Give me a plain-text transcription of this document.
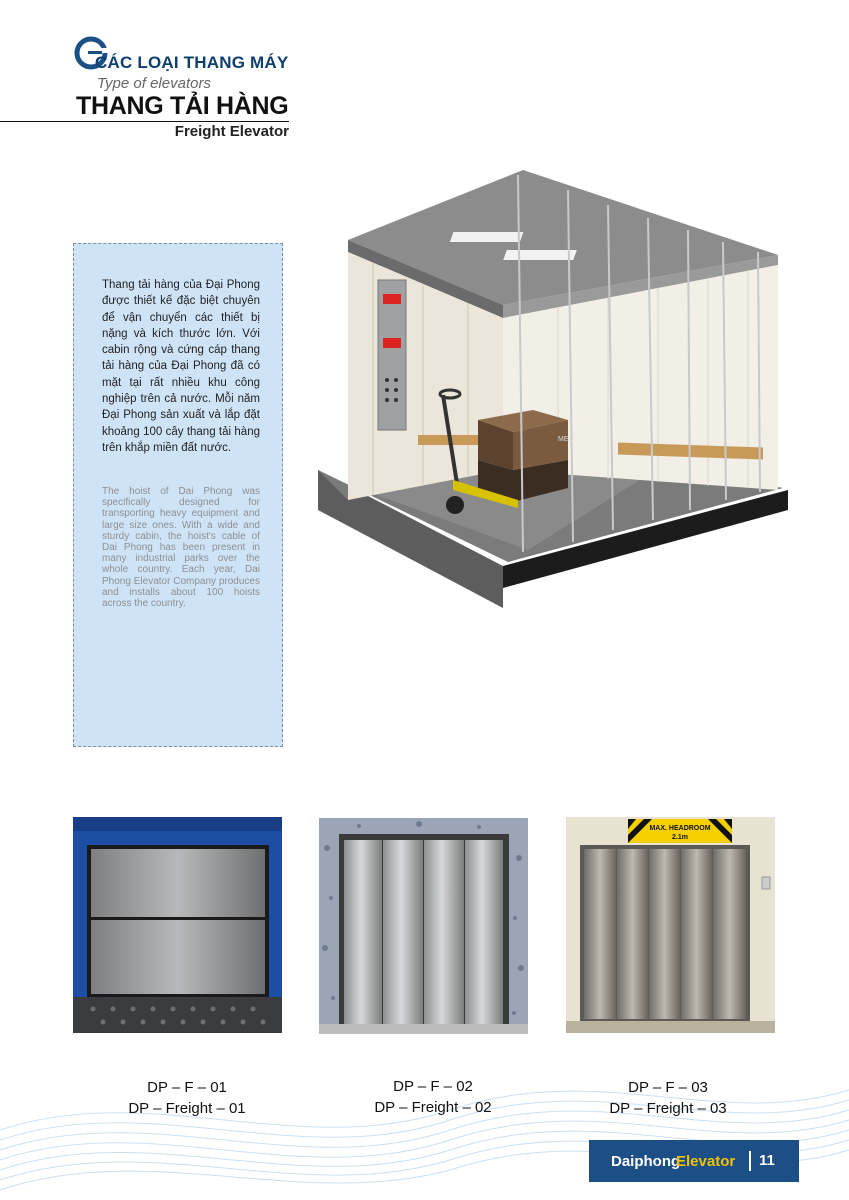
CÁC LOẠI THANG MÁY
Type of elevators
THANG TẢI HÀNG
Freight Elevator
Thang tải hàng của Đại Phong được thiết kế đặc biệt chuyên để vận chuyển các thiết bị nặng và kích thước lớn. Với cabin rộng và cứng cáp thang tải hàng của Đại Phong đã có mặt tại rất nhiều khu công nghiệp trên cả nước. Mỗi năm Đại Phong sản xuất và lắp đặt khoảng 100 cây thang tải hàng trên khắp miền đất nước.
The hoist of Dai Phong was specifically designed for transporting heavy equipment and large size ones. With a wide and sturdy cabin, the hoist's cable of Dai Phong has been present in many industrial parks over the whole country. Each year, Dai Phong Elevator Company produces and installs about 100 hoists across the country.
MED
MAX. HEADROOM
2.1m
DP – F – 01
DP – Freight – 01
DP – F – 02
DP – Freight – 02
DP – F – 03
DP – Freight – 03
Daiphong
Elevator 11
